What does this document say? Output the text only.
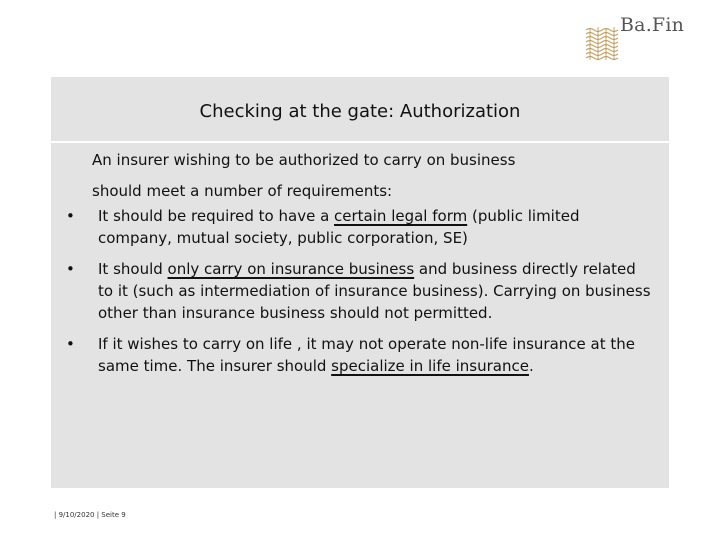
Ba.Fin
Checking at the gate: Authorization
An insurer wishing to be authorized to carry on business
should meet a number of requirements:
•	It should be required to have a certain legal form (public limited company, mutual society, public corporation, SE)
•	It should only carry on insurance business and business directly related to it (such as intermediation of insurance business). Carrying on business other than insurance business should not permitted.
•	If it wishes to carry on life , it may not operate non-life insurance at the same time. The insurer should specialize in life insurance.
| 9/10/2020 | Seite 9
